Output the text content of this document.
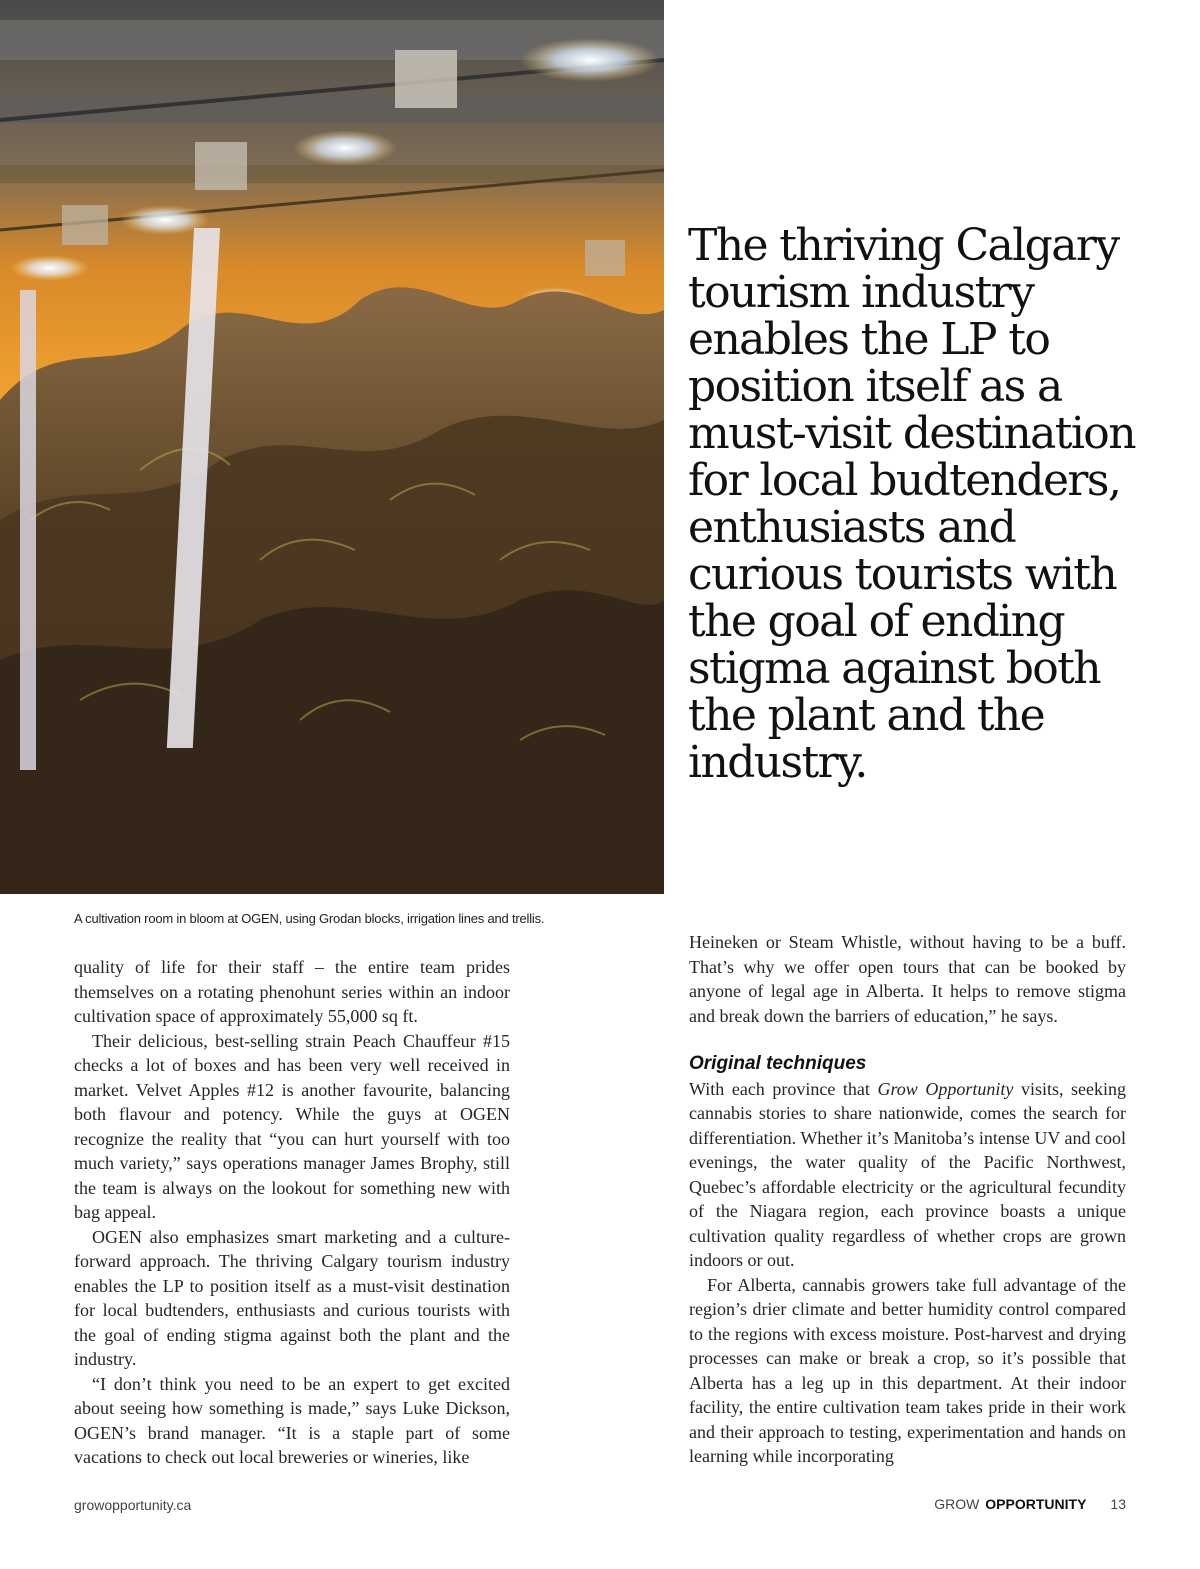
The thriving Calgary tourism industry enables the LP to position itself as a must-visit destination for local budtenders, enthusiasts and curious tourists with the goal of ending stigma against both the plant and the industry.
A cultivation room in bloom at OGEN, using Grodan blocks, irrigation lines and trellis.

quality of life for their staff – the entire team prides themselves on a rotating phenohunt series within an indoor cultivation space of approximately 55,000 sq ft.

Their delicious, best-selling strain Peach Chauffeur #15 checks a lot of boxes and has been very well received in market. Velvet Apples #12 is another favourite, balancing both flavour and potency. While the guys at OGEN recognize the reality that “you can hurt yourself with too much variety,” says operations manager James Brophy, still the team is always on the lookout for something new with bag appeal.

OGEN also emphasizes smart marketing and a culture-forward approach. The thriving Calgary tourism industry enables the LP to position itself as a must-visit destination for local budtenders, enthusiasts and curious tourists with the goal of ending stigma against both the plant and the industry.

“I don’t think you need to be an expert to get excited about seeing how something is made,” says Luke Dickson, OGEN’s brand manager. “It is a staple part of some vacations to check out local breweries or wineries, like

Heineken or Steam Whistle, without having to be a buff. That’s why we offer open tours that can be booked by anyone of legal age in Alberta. It helps to remove stigma and break down the barriers of education,” he says.

Original techniques

With each province that Grow Opportunity visits, seeking cannabis stories to share nationwide, comes the search for differentiation. Whether it’s Manitoba’s intense UV and cool evenings, the water quality of the Pacific Northwest, Quebec’s affordable electricity or the agricultural fecundity of the Niagara region, each province boasts a unique cultivation quality regardless of whether crops are grown indoors or out.

For Alberta, cannabis growers take full advantage of the region’s drier climate and better humidity control compared to the regions with excess moisture. Post-harvest and drying processes can make or break a crop, so it’s possible that Alberta has a leg up in this department. At their indoor facility, the entire cultivation team takes pride in their work and their approach to testing, experimentation and hands on learning while incorporating

growopportunity.ca	GROW OPPORTUNITY 13
